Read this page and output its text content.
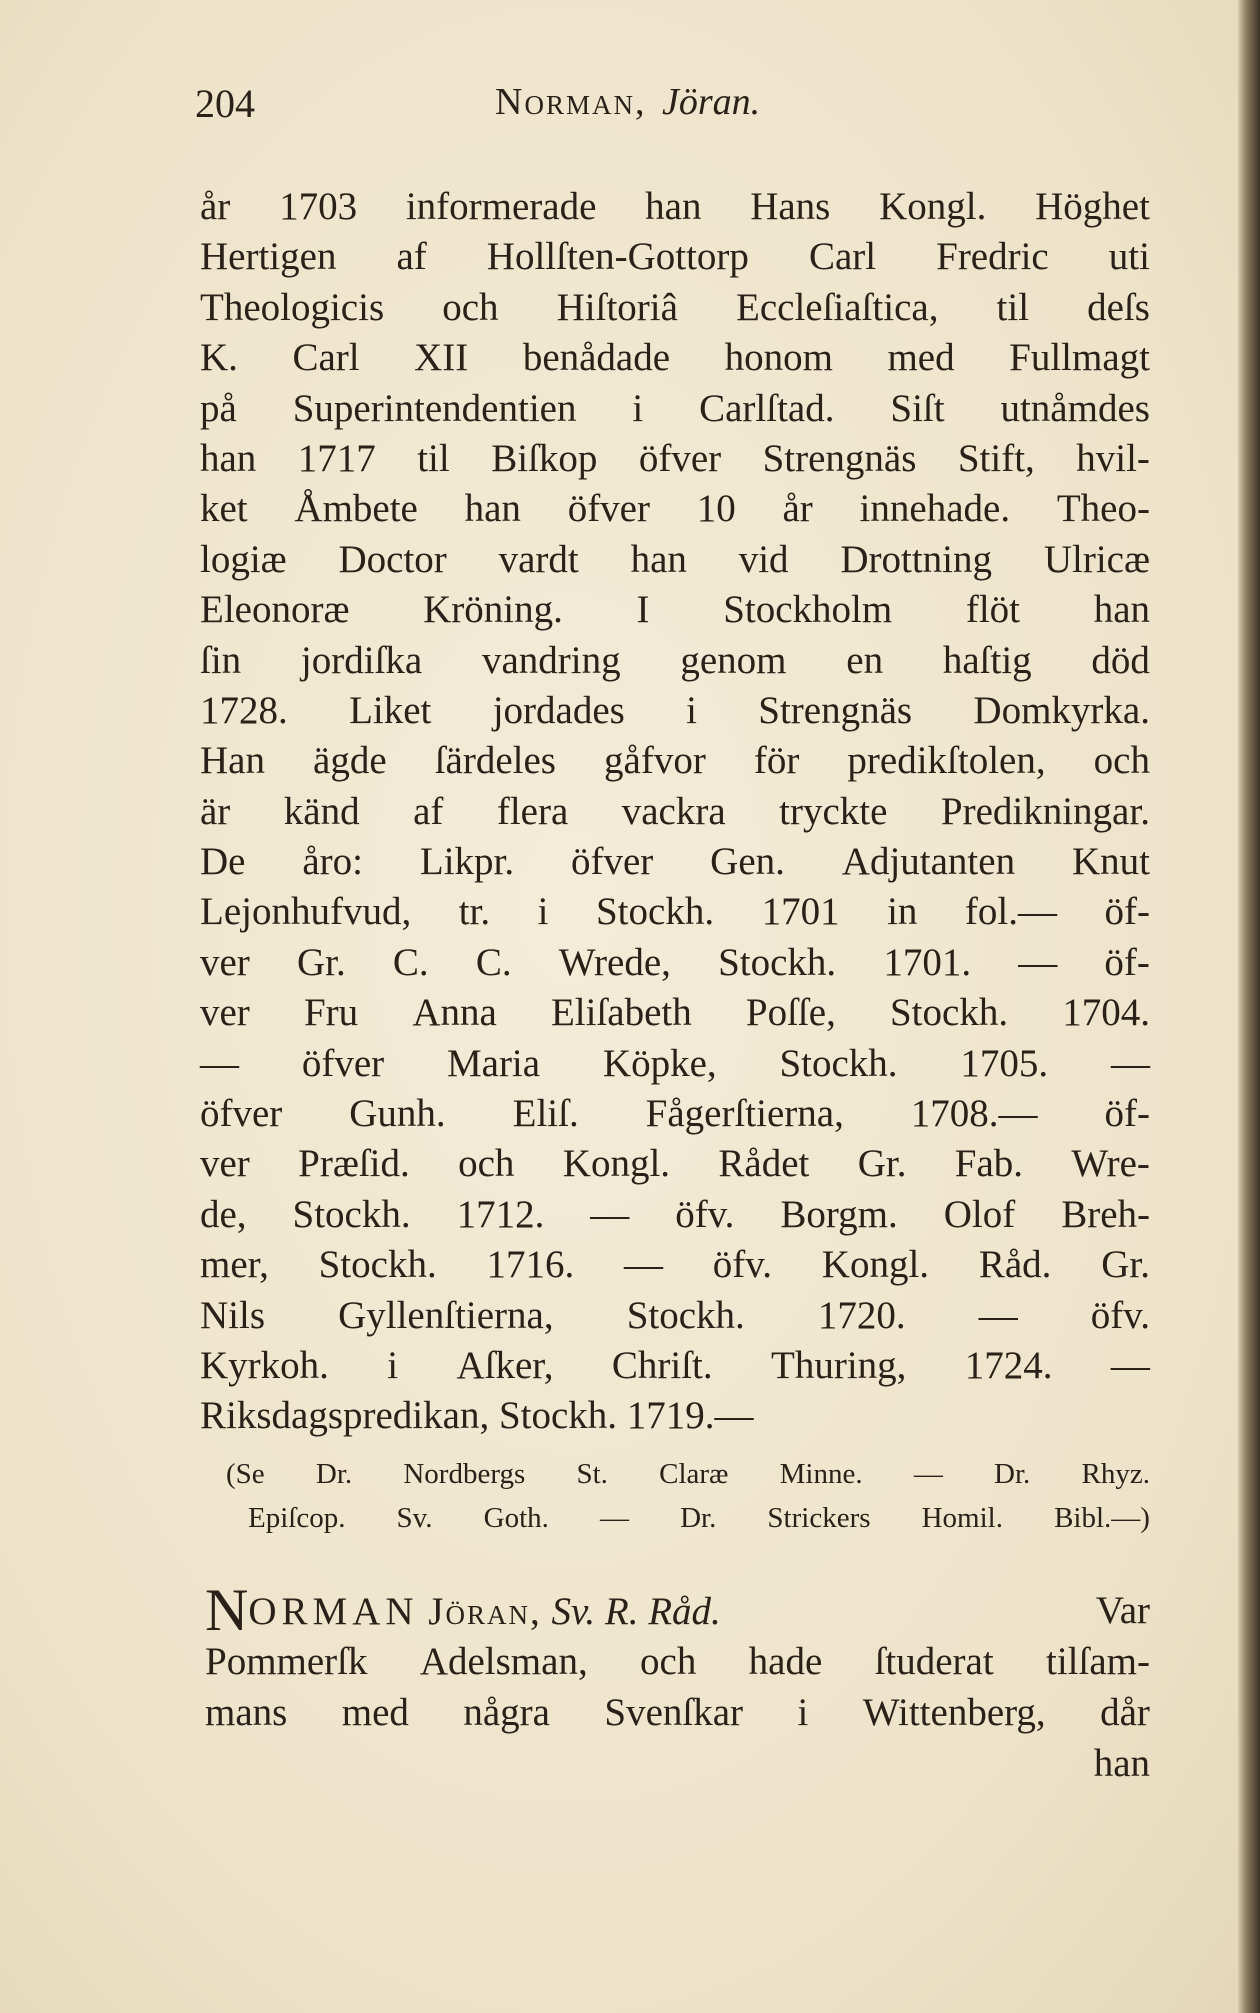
204	Norman, Jöran.
år 1703 informerade han Hans Kongl. Höghet
Hertigen af Hollſten-Gottorp Carl Fredric uti
Theologicis och Hiſtoriâ Eccleſiaſtica, til deſs
K. Carl XII benådade honom med Fullmagt
på Superintendentien i Carlſtad. Siſt utnåmdes
han 1717 til Biſkop öfver Strengnäs Stift, hvil-
ket Åmbete han öfver 10 år innehade. Theo-
logiæ Doctor vardt han vid Drottning Ulricæ
Eleonoræ Kröning. I Stockholm flöt han
ſin jordiſka vandring genom en haſtig död
1728. Liket jordades i Strengnäs Domkyrka.
Han ägde ſärdeles gåfvor för predikſtolen, och
är känd af flera vackra tryckte Predikningar.
De åro: Likpr. öfver Gen. Adjutanten Knut
Lejonhufvud, tr. i Stockh. 1701 in fol.— öf-
ver Gr. C. C. Wrede, Stockh. 1701. — öf-
ver Fru Anna Eliſabeth Poſſe, Stockh. 1704.
— öfver Maria Köpke, Stockh. 1705. —
öfver Gunh. Eliſ. Fågerſtierna, 1708.— öf-
ver Præſid. och Kongl. Rådet Gr. Fab. Wre-
de, Stockh. 1712. — öfv. Borgm. Olof Breh-
mer, Stockh. 1716. — öfv. Kongl. Råd. Gr.
Nils Gyllenſtierna, Stockh. 1720. — öfv.
Kyrkoh. i Aſker, Chriſt. Thuring, 1724. —
Riksdagspredikan, Stockh. 1719.—
(Se Dr. Nordbergs St. Claræ Minne. — Dr. Rhyz.
Epiſcop. Sv. Goth. — Dr. Strickers Homil. Bibl.—)
NORMAN Jöran, Sv. R. Råd.	Var
Pommerſk Adelsman, och hade ſtuderat tilſam-
mans med några Svenſkar i Wittenberg, dår
han
